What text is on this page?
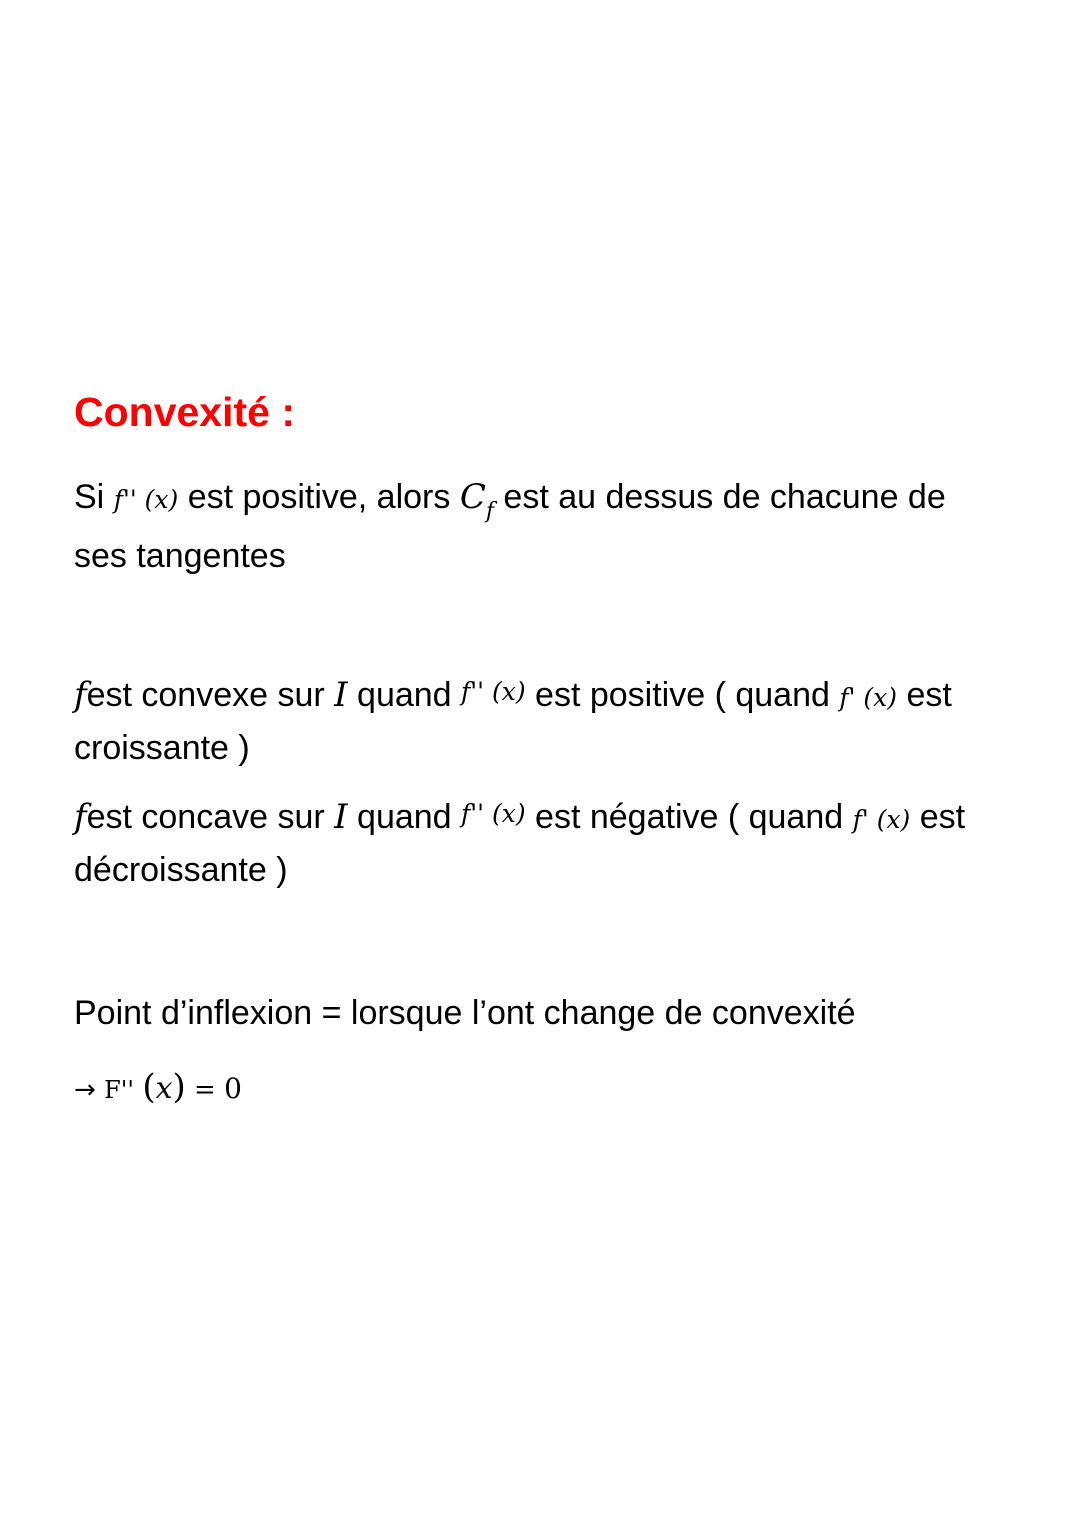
Convexité :

Si f'' (x) est positive, alors $C_f$ est au dessus de chacune de ses tangentes

fest convexe sur I quand f'' (x) est positive ( quand f' (x) est croissante )

fest concave sur I quand f'' (x) est négative ( quand f' (x) est décroissante )

Point d’inflexion = lorsque l’ont change de convexité

→ F'' (x) = 0
